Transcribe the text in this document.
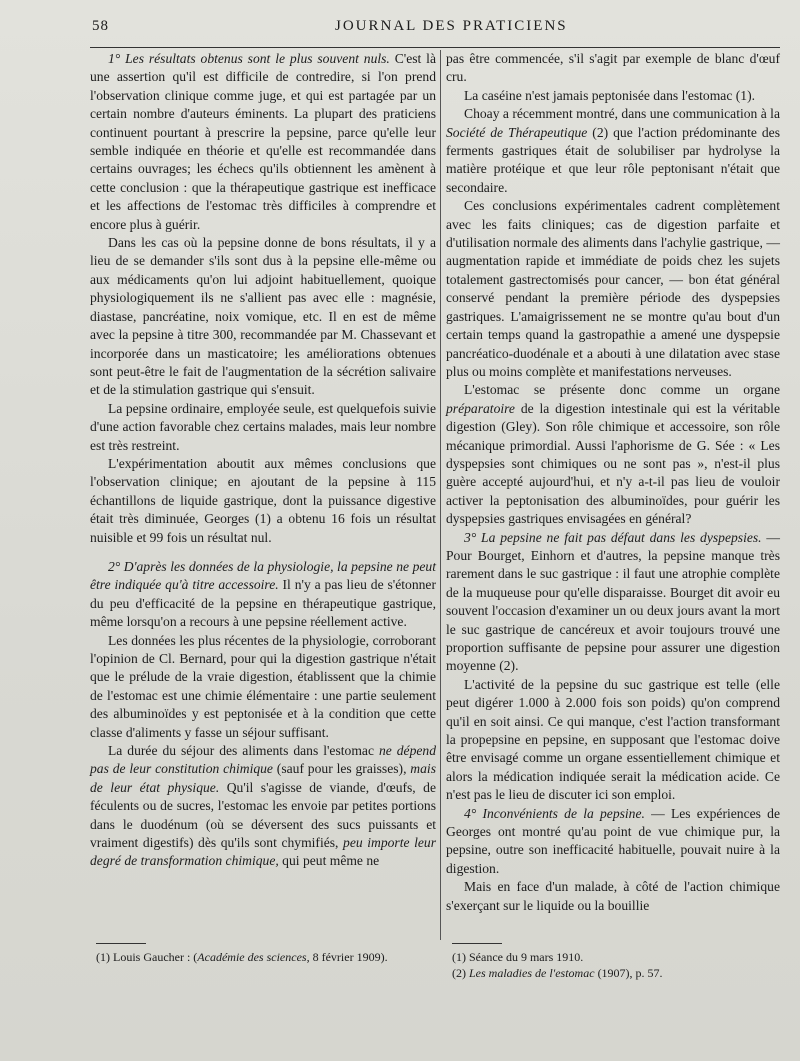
58	JOURNAL DES PRATICIENS

1° Les résultats obtenus sont le plus souvent nuls. C'est là une assertion qu'il est difficile de contredire, si l'on prend l'observation clinique comme juge, et qui est partagée par un certain nombre d'auteurs éminents. La plupart des praticiens continuent pourtant à prescrire la pepsine, parce qu'elle leur semble indiquée en théorie et qu'elle est recommandée dans certains ouvrages; les échecs qu'ils obtiennent les amènent à cette conclusion : que la thérapeutique gastrique est inefficace et les affections de l'estomac très difficiles à comprendre et encore plus à guérir.

Dans les cas où la pepsine donne de bons résultats, il y a lieu de se demander s'ils sont dus à la pepsine elle-même ou aux médicaments qu'on lui adjoint habituellement, quoique physiologiquement ils ne s'allient pas avec elle : magnésie, diastase, pancréatine, noix vomique, etc. Il en est de même avec la pepsine à titre 300, recommandée par M. Chassevant et incorporée dans un masticatoire; les améliorations obtenues sont peut-être le fait de l'augmentation de la sécrétion salivaire et de la stimulation gastrique qui s'ensuit.

La pepsine ordinaire, employée seule, est quelquefois suivie d'une action favorable chez certains malades, mais leur nombre est très restreint.

L'expérimentation aboutit aux mêmes conclusions que l'observation clinique; en ajoutant de la pepsine à 115 échantillons de liquide gastrique, dont la puissance digestive était très diminuée, Georges (1) a obtenu 16 fois un résultat nuisible et 99 fois un résultat nul.

2° D'après les données de la physiologie, la pepsine ne peut être indiquée qu'à titre accessoire. Il n'y a pas lieu de s'étonner du peu d'efficacité de la pepsine en thérapeutique gastrique, même lorsqu'on a recours à une pepsine réellement active.

Les données les plus récentes de la physiologie, corroborant l'opinion de Cl. Bernard, pour qui la digestion gastrique n'était que le prélude de la vraie digestion, établissent que la chimie de l'estomac est une chimie élémentaire : une partie seulement des albuminoïdes y est peptonisée et à la condition que cette classe d'aliments y fasse un séjour suffisant.

La durée du séjour des aliments dans l'estomac ne dépend pas de leur constitution chimique (sauf pour les graisses), mais de leur état physique. Qu'il s'agisse de viande, d'œufs, de féculents ou de sucres, l'estomac les envoie par petites portions dans le duodénum (où se déversent des sucs puissants et vraiment digestifs) dès qu'ils sont chymifiés, peu importe leur degré de transformation chimique, qui peut même ne

pas être commencée, s'il s'agit par exemple de blanc d'œuf cru.

La caséine n'est jamais peptonisée dans l'estomac (1).

Choay a récemment montré, dans une communication à la Société de Thérapeutique (2) que l'action prédominante des ferments gastriques était de solubiliser par hydrolyse la matière protéique et que leur rôle peptonisant n'était que secondaire.

Ces conclusions expérimentales cadrent complètement avec les faits cliniques; cas de digestion parfaite et d'utilisation normale des aliments dans l'achylie gastrique, — augmentation rapide et immédiate de poids chez les sujets totalement gastrectomisés pour cancer, — bon état général conservé pendant la première période des dyspepsies gastriques. L'amaigrissement ne se montre qu'au bout d'un certain temps quand la gastropathie a amené une dyspepsie pancréatico-duodénale et a abouti à une dilatation avec stase plus ou moins complète et manifestations nerveuses.

L'estomac se présente donc comme un organe préparatoire de la digestion intestinale qui est la véritable digestion (Gley). Son rôle chimique et accessoire, son rôle mécanique primordial. Aussi l'aphorisme de G. Sée : « Les dyspepsies sont chimiques ou ne sont pas », n'est-il plus guère accepté aujourd'hui, et n'y a-t-il pas lieu de vouloir activer la peptonisation des albuminoïdes, pour guérir les dyspepsies gastriques envisagées en général?

3° La pepsine ne fait pas défaut dans les dyspepsies. — Pour Bourget, Einhorn et d'autres, la pepsine manque très rarement dans le suc gastrique : il faut une atrophie complète de la muqueuse pour qu'elle disparaisse. Bourget dit avoir eu souvent l'occasion d'examiner un ou deux jours avant la mort le suc gastrique de cancéreux et avoir toujours trouvé une proportion suffisante de pepsine pour assurer une digestion moyenne (2).

L'activité de la pepsine du suc gastrique est telle (elle peut digérer 1.000 à 2.000 fois son poids) qu'on comprend qu'il en soit ainsi. Ce qui manque, c'est l'action transformant la propepsine en pepsine, en supposant que l'estomac doive être envisagé comme un organe essentiellement chimique et alors la médication indiquée serait la médication acide. Ce n'est pas le lieu de discuter ici son emploi.

4° Inconvénients de la pepsine. — Les expériences de Georges ont montré qu'au point de vue chimique pur, la pepsine, outre son inefficacité habituelle, pouvait nuire à la digestion.

Mais en face d'un malade, à côté de l'action chimique s'exerçant sur le liquide ou la bouillie

(1) Louis Gaucher : (Académie des sciences, 8 février 1909).	(1) Séance du 9 mars 1910.

(2) Les maladies de l'estomac (1907), p. 57.
